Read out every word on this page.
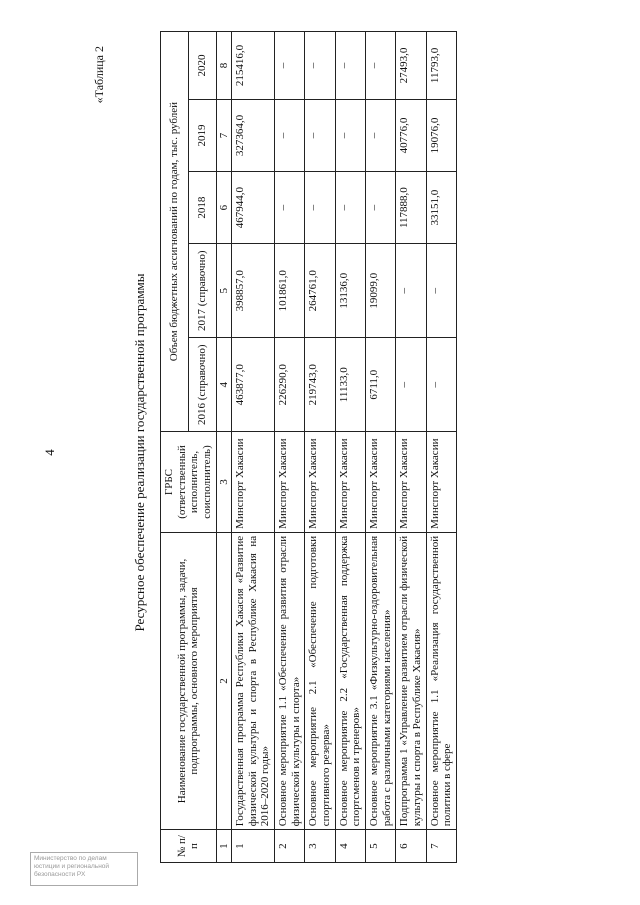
4
«Таблица 2
Ресурсное обеспечение реализации государственной программы
№ п/п	Наименование государственной программы, задачи, подпрограммы, основного мероприятия	ГРБС (ответственный исполнитель, соисполнитель)	Объем бюджетных ассигнований по годам, тыс. рублей				
			2016 (справочно)	2017 (справочно)	2018	2019	2020
1	2	3	4	5	6	7	8
1	Государственная программа Республики Хакасия «Развитие физической культуры и спорта в Республике Хакасия на 2016–2020 годы»	Минспорт Хакасии	463877,0	398857,0	467944,0	327364,0	215416,0
2	Основное мероприятие 1.1 «Обеспечение развития отрасли физической культуры и спорта»	Минспорт Хакасии	226290,0	101861,0	–	–	–
3	Основное мероприятие 2.1 «Обеспечение подготовки спортивного резерва»	Минспорт Хакасии	219743,0	264761,0	–	–	–
4	Основное мероприятие 2.2 «Государственная поддержка спортсменов и тренеров»	Минспорт Хакасии	11133,0	13136,0	–	–	–
5	Основное мероприятие 3.1 «Физкультурно-оздоровительная работа с различными категориями населения»	Минспорт Хакасии	6711,0	19099,0	–	–	–
6	Подпрограмма 1 «Управление развитием отрасли физической культуры и спорта в Республике Хакасия»	Минспорт Хакасии	–	–	117888,0	40776,0	27493,0
7	Основное мероприятие 1.1 «Реализация государственной политики в сфере	Минспорт Хакасии	–	–	33151,0	19076,0	11793,0
Министерство по делам
юстиции и региональной
безопасности РХ
